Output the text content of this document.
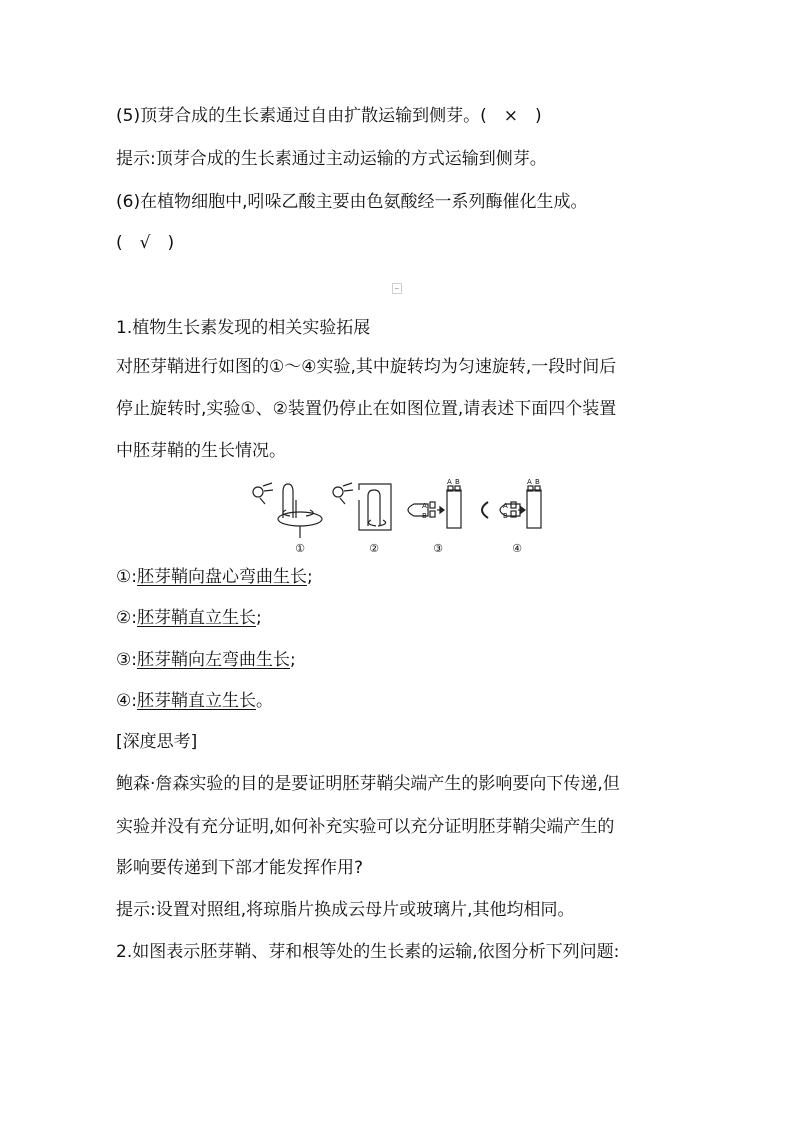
(5)顶芽合成的生长素通过自由扩散运输到侧芽。(　×　)
提示:顶芽合成的生长素通过主动运输的方式运输到侧芽。
(6)在植物细胞中,吲哚乙酸主要由色氨酸经一系列酶催化生成。
(　√　)
1.植物生长素发现的相关实验拓展
对胚芽鞘进行如图的①～④实验,其中旋转均为匀速旋转,一段时间后
停止旋转时,实验①、②装置仍停止在如图位置,请表述下面四个装置
中胚芽鞘的生长情况。
A B
A
B
A B
A
B
①	②	③	④
①:胚芽鞘向盘心弯曲生长;
②:胚芽鞘直立生长;
③:胚芽鞘向左弯曲生长;
④:胚芽鞘直立生长。
[深度思考]
鲍森·詹森实验的目的是要证明胚芽鞘尖端产生的影响要向下传递,但
实验并没有充分证明,如何补充实验可以充分证明胚芽鞘尖端产生的
影响要传递到下部才能发挥作用?
提示:设置对照组,将琼脂片换成云母片或玻璃片,其他均相同。
2.如图表示胚芽鞘、芽和根等处的生长素的运输,依图分析下列问题:
